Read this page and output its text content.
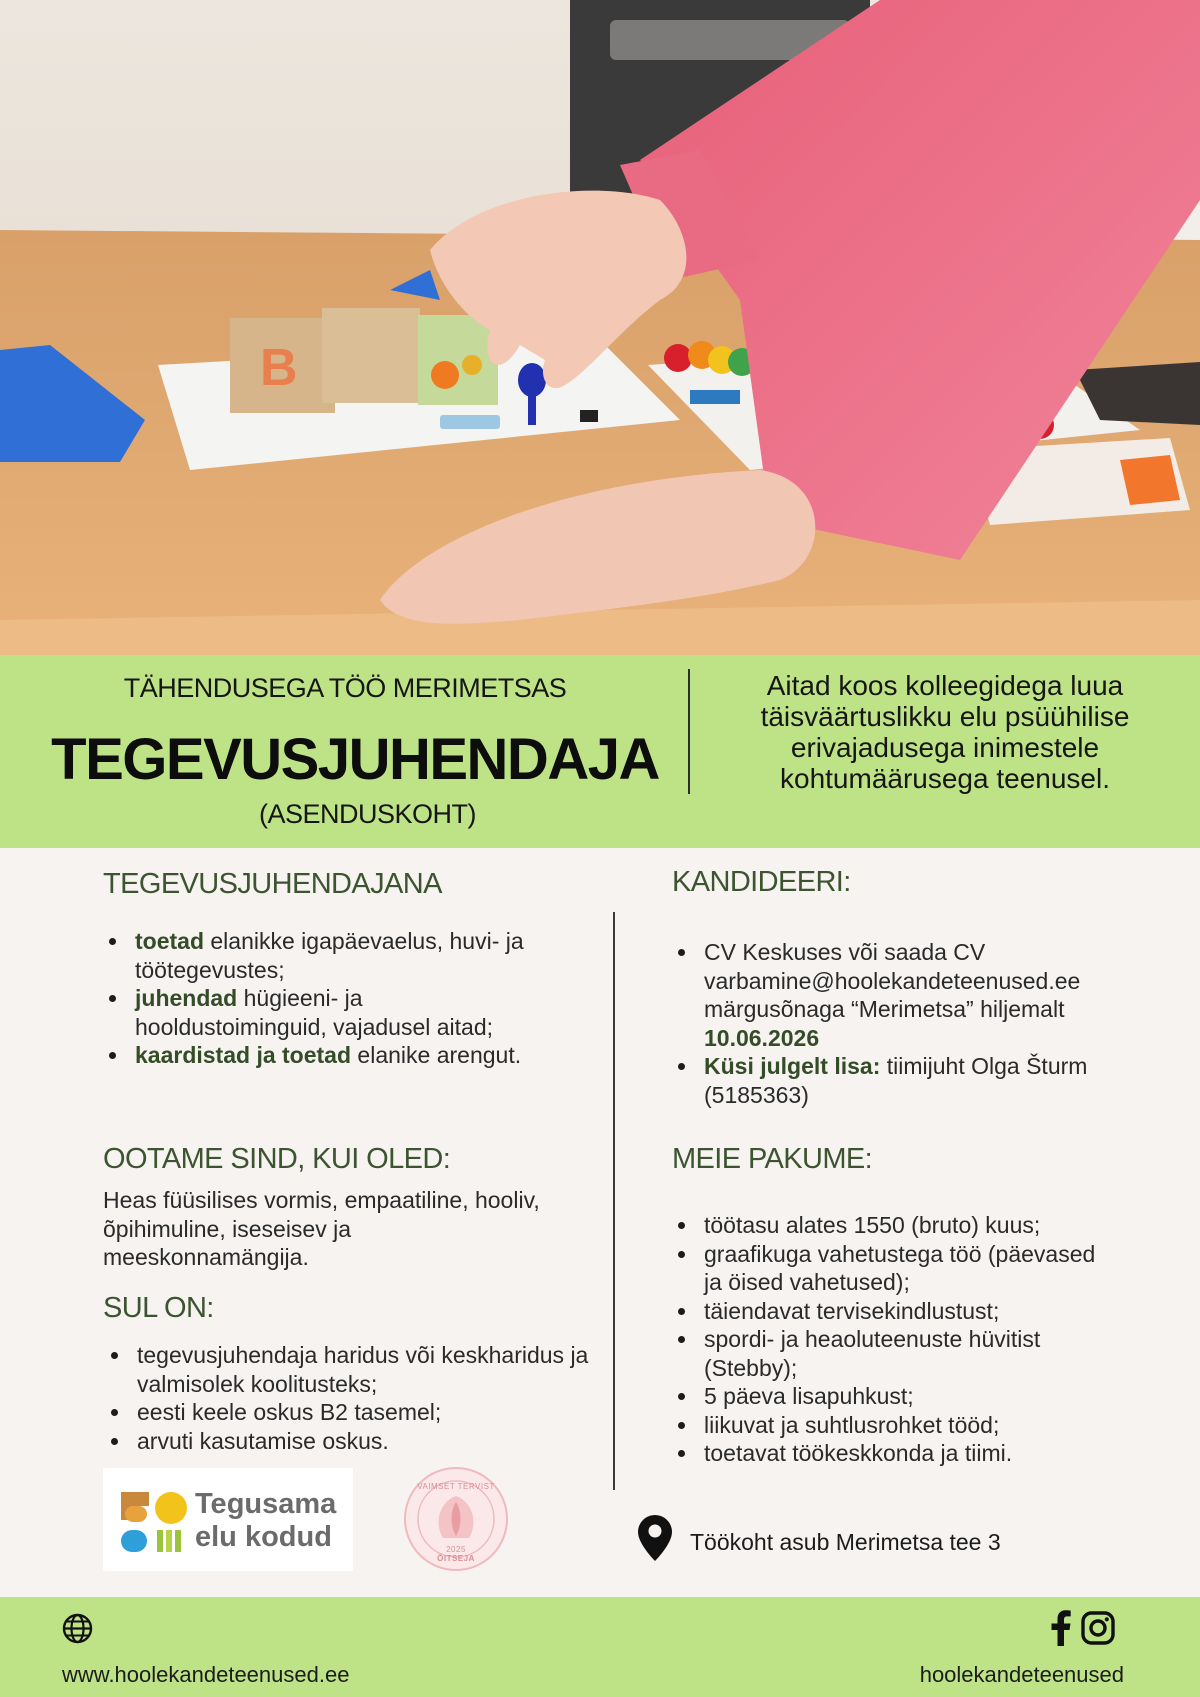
B
TÄHENDUSEGA TÖÖ MERIMETSAS
TEGEVUSJUHENDAJA
(ASENDUSKOHT)
Aitad koos kolleegidega luua täisväärtuslikku elu psüühilise erivajadusega inimestele kohtumäärusega teenusel.
TEGEVUSJUHENDAJANA
toetad elanikke igapäevaelus, huvi- ja töötegevustes;
juhendad hügieeni- ja hooldustoiminguid, vajadusel aitad;
kaardistad ja toetad elanike arengut.
OOTAME SIND, KUI OLED:

Heas füüsilises vormis, empaatiline, hooliv, õpihimuline, iseseisev ja meeskonnamängija.

SUL ON:
tegevusjuhendaja haridus või keskharidus ja valmisolek koolitusteks;
eesti keele oskus B2 tasemel;
arvuti kasutamise oskus.
KANDIDEERI:
CV Keskuses või saada CV varbamine@hoolekandeteenused.ee märgusõnaga “Merimetsa” hiljemalt 10.06.2026
Küsi julgelt lisa: tiimijuht Olga Šturm (5185363)
MEIE PAKUME:
töötasu alates 1550 (bruto) kuus;
graafikuga vahetustega töö (päevased ja öised vahetused);
täiendavat tervisekindlustust;
spordi- ja heaoluteenuste hüvitist (Stebby);
5 päeva lisapuhkust;
liikuvat ja suhtlusrohket tööd;
toetavat töökeskkonda ja tiimi.
Tegusama
elu kodud
VAIMSET TERVIST
2025
ÕITSEJA
Töökoht asub Merimetsa tee 3
www.hoolekandeteenused.ee	hoolekandeteenused
